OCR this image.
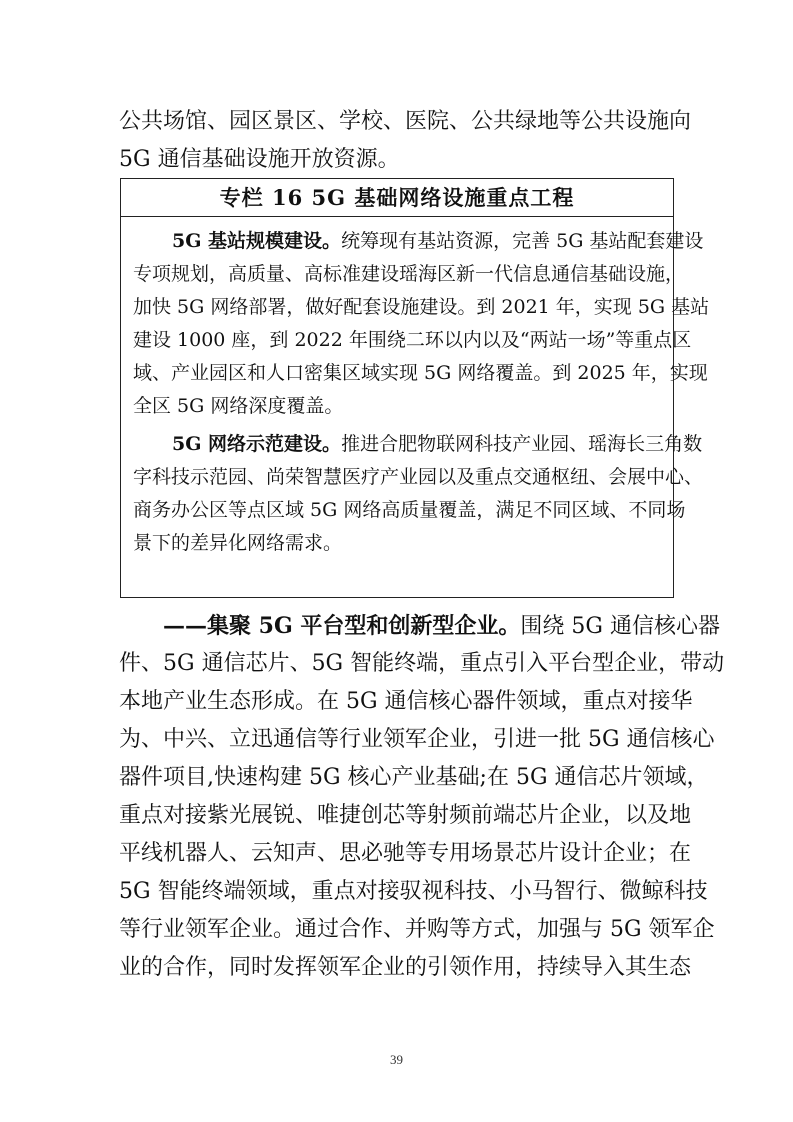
公共场馆、园区景区、学校、医院、公共绿地等公共设施向
5G 通信基础设施开放资源。
专栏 16 5G 基础网络设施重点工程
5G 基站规模建设。统筹现有基站资源，完善 5G 基站配套建设
专项规划，高质量、高标准建设瑶海区新一代信息通信基础设施，
加快 5G 网络部署，做好配套设施建设。到 2021 年，实现 5G 基站
建设 1000 座，到 2022 年围绕二环以内以及“两站一场”等重点区
域、产业园区和人口密集区域实现 5G 网络覆盖。到 2025 年，实现
全区 5G 网络深度覆盖。
5G 网络示范建设。推进合肥物联网科技产业园、瑶海长三角数
字科技示范园、尚荣智慧医疗产业园以及重点交通枢纽、会展中心、
商务办公区等点区域 5G 网络高质量覆盖，满足不同区域、不同场
景下的差异化网络需求。
——集聚 5G 平台型和创新型企业。围绕 5G 通信核心器
件、5G 通信芯片、5G 智能终端，重点引入平台型企业，带动
本地产业生态形成。在 5G 通信核心器件领域，重点对接华
为、中兴、立迅通信等行业领军企业，引进一批 5G 通信核心
器件项目,快速构建 5G 核心产业基础;在 5G 通信芯片领域，
重点对接紫光展锐、唯捷创芯等射频前端芯片企业，以及地
平线机器人、云知声、思必驰等专用场景芯片设计企业；在
5G 智能终端领域，重点对接驭视科技、小马智行、微鲸科技
等行业领军企业。通过合作、并购等方式，加强与 5G 领军企
业的合作，同时发挥领军企业的引领作用，持续导入其生态
39
